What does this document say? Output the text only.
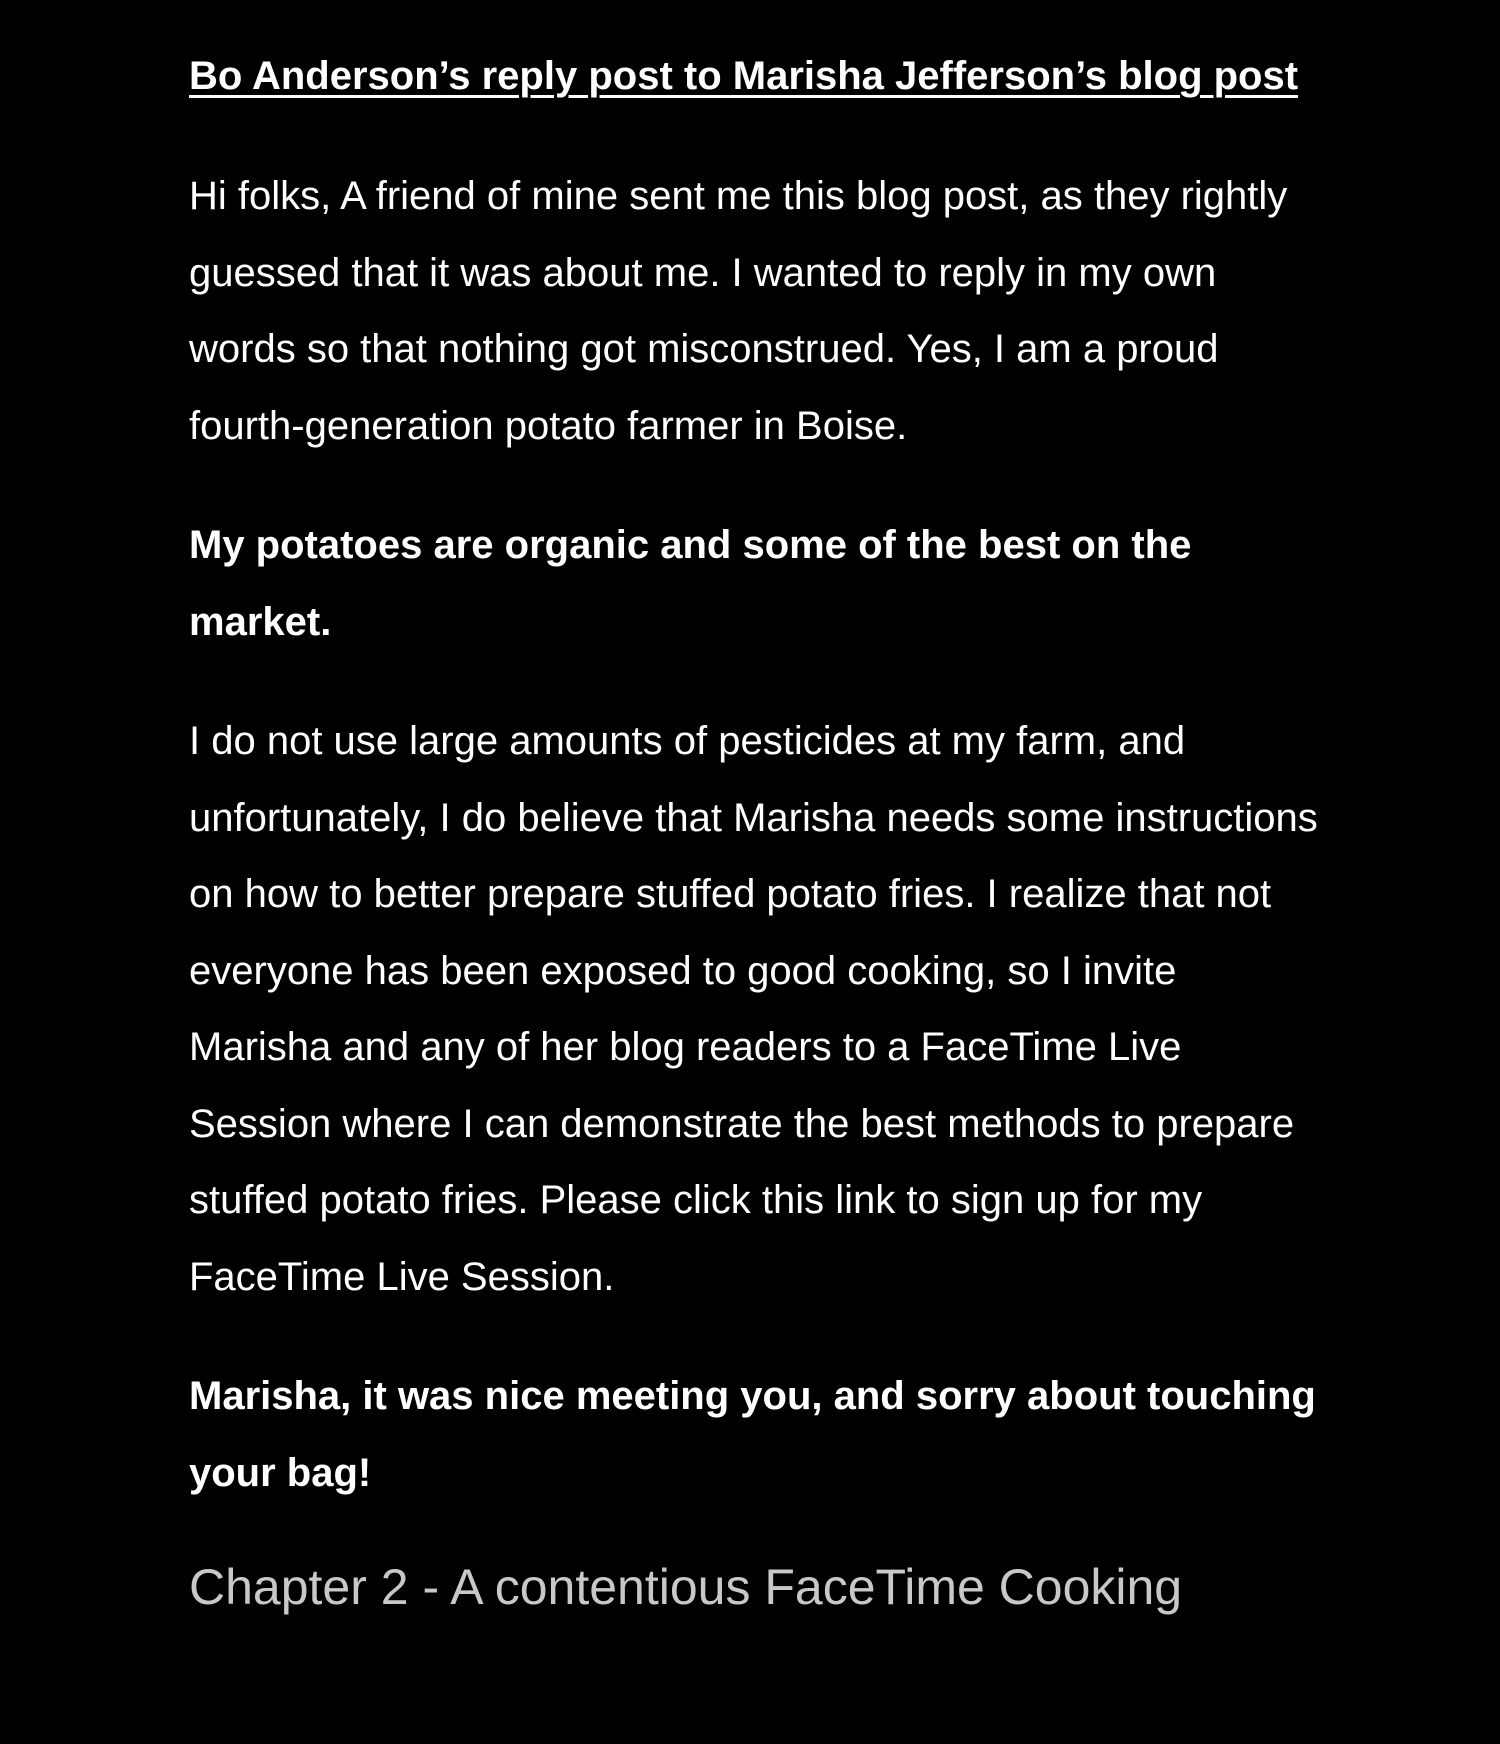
Bo Anderson’s reply post to Marisha Jefferson’s blog post

Hi folks, A friend of mine sent me this blog post, as they rightly guessed that it was about me. I wanted to reply in my own words so that nothing got misconstrued. Yes, I am a proud fourth-generation potato farmer in Boise.

My potatoes are organic and some of the best on the market.

I do not use large amounts of pesticides at my farm, and unfortunately, I do believe that Marisha needs some instructions on how to better prepare stuffed potato fries. I realize that not everyone has been exposed to good cooking, so I invite Marisha and any of her blog readers to a FaceTime Live Session where I can demonstrate the best methods to prepare stuffed potato fries. Please click this link to sign up for my FaceTime Live Session.

Marisha, it was nice meeting you, and sorry about touching your bag!

Chapter 2 - A contentious FaceTime Cooking
